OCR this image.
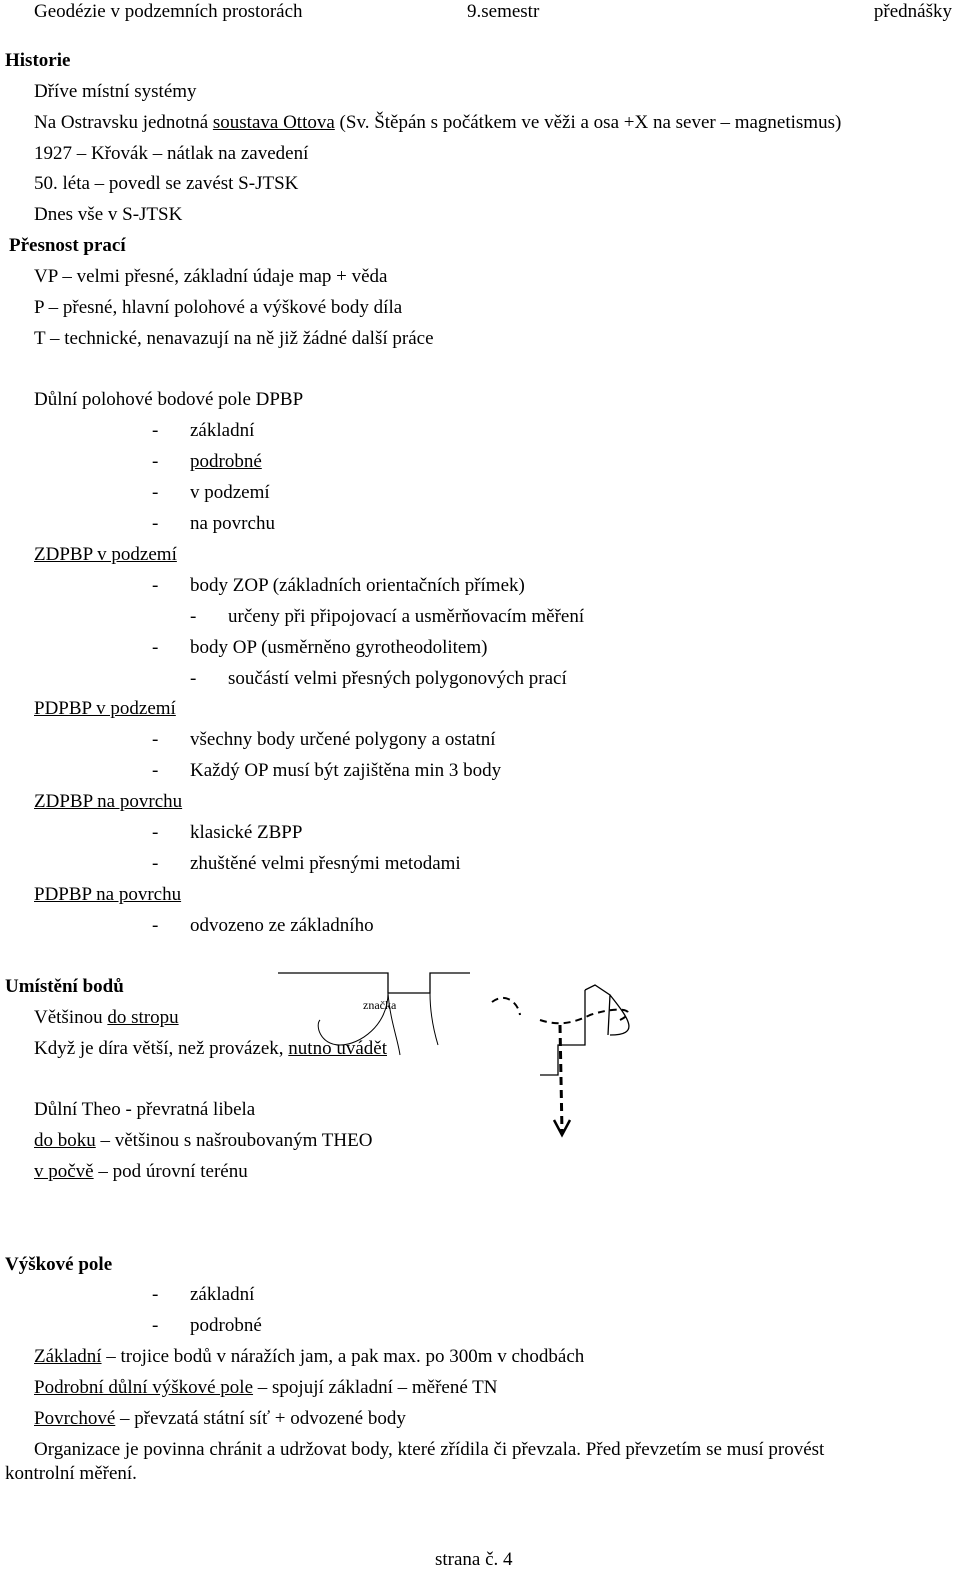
Geodézie v podzemních prostorách	9.semestr	přednášky
Historie
Dříve místní systémy
Na Ostravsku jednotná soustava Ottova (Sv. Štěpán s počátkem ve věži a osa +X na sever – magnetismus)
1927 – Křovák – nátlak na zavedení
50. léta – povedl se zavést S-JTSK
Dnes vše v S-JTSK
Přesnost prací
VP – velmi přesné, základní údaje map + věda
P – přesné, hlavní polohové a výškové body díla
T – technické, nenavazují na ně již žádné další práce
Důlní polohové bodové pole DPBP
- základní
- podrobné
- v podzemí
- na povrchu
ZDPBP v podzemí
- body ZOP (základních orientačních přímek)
- určeny při připojovací a usměrňovacím měření
- body OP (usměrněno gyrotheodolitem)
- součástí velmi přesných polygonových prací
PDPBP v podzemí
- všechny body určené polygony a ostatní
- Každý OP musí být zajištěna min 3 body
ZDPBP na povrchu
- klasické ZBPP
- zhuštěné velmi přesnými metodami
PDPBP na povrchu
- odvozeno ze základního
Umístění bodů
Většinou do stropu
Když je díra větší, než provázek, nutno uvádět
značka
Důlní Theo - převratná libela
do boku – většinou s našroubovaným THEO
v počvě – pod úrovní terénu
Výškové pole
- základní
- podrobné
Základní – trojice bodů v náražích jam, a pak max. po 300m v chodbách
Podrobní důlní výškové pole – spojují základní – měřené TN
Povrchové – převzatá státní síť + odvozené body
Organizace je povinna chránit a udržovat body, které zřídila či převzala. Před převzetím se musí provést
kontrolní měření.
strana č. 4
